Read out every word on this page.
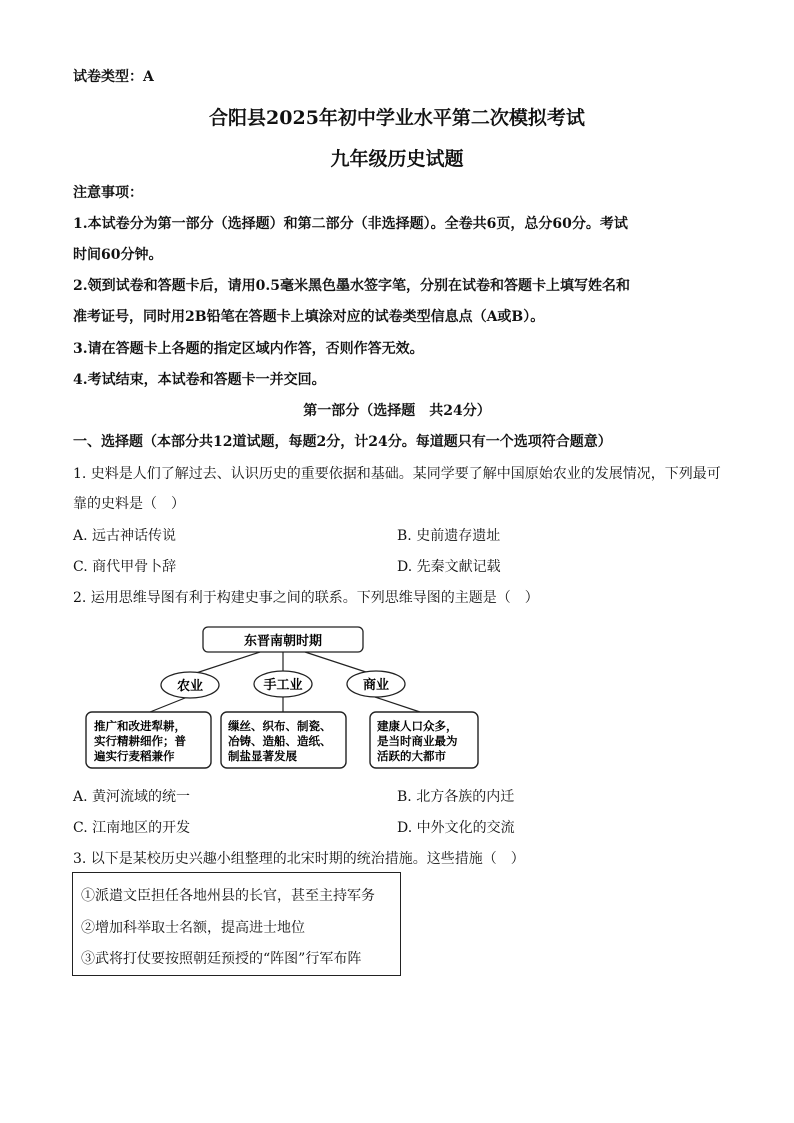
试卷类型：A
合阳县2025年初中学业水平第二次模拟考试
九年级历史试题
注意事项：
1.本试卷分为第一部分（选择题）和第二部分（非选择题）。全卷共6页，总分60分。考试
时间60分钟。
2.领到试卷和答题卡后，请用0.5毫米黑色墨水签字笔，分别在试卷和答题卡上填写姓名和
准考证号，同时用2B铅笔在答题卡上填涂对应的试卷类型信息点（A或B）。
3.请在答题卡上各题的指定区域内作答，否则作答无效。
4.考试结束，本试卷和答题卡一并交回。
第一部分（选择题　共24分）
一、选择题（本部分共12道试题，每题2分，计24分。每道题只有一个选项符合题意）
1. 史料是人们了解过去、认识历史的重要依据和基础。某同学要了解中国原始农业的发展情况，下列最可
靠的史料是（　）
A. 远古神话传说	B. 史前遗存遗址
C. 商代甲骨卜辞	D. 先秦文献记载
2. 运用思维导图有利于构建史事之间的联系。下列思维导图的主题是（　）
东晋南朝时期
农业	手工业	商业
推广和改进犁耕，
实行精耕细作；普
遍实行麦稻兼作
缫丝、织布、制瓷、
冶铸、造船、造纸、
制盐显著发展
建康人口众多，
是当时商业最为
活跃的大都市
A. 黄河流域的统一	B. 北方各族的内迁
C. 江南地区的开发	D. 中外文化的交流
3. 以下是某校历史兴趣小组整理的北宋时期的统治措施。这些措施（　）
①派遣文臣担任各地州县的长官，甚至主持军务
②增加科举取士名额，提高进士地位
③武将打仗要按照朝廷预授的“阵图”行军布阵
